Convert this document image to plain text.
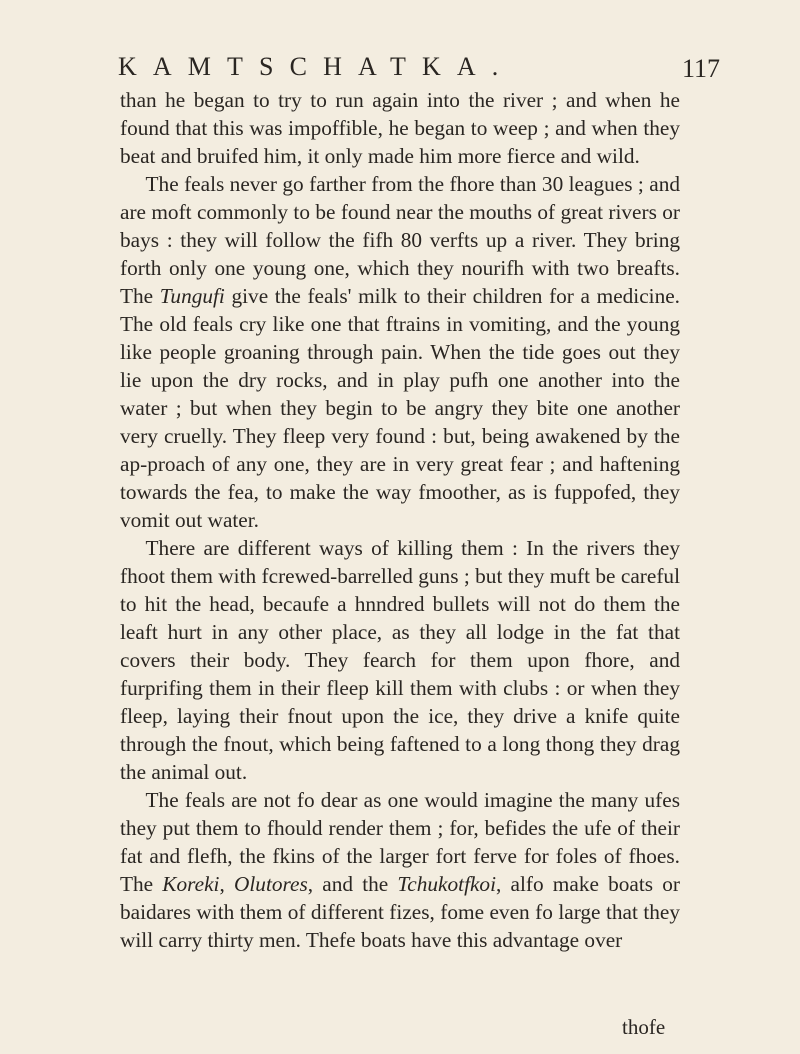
KAMTSCHATKA.	117

than he began to try to run again into the river ; and when he found that this was impoffible, he began to weep ; and when they beat and bruifed him, it only made him more fierce and wild.

The feals never go farther from the fhore than 30 leagues ; and are moft commonly to be found near the mouths of great rivers or bays : they will follow the fifh 80 verfts up a river. They bring forth only one young one, which they nourifh with two breafts. The Tungufi give the feals' milk to their children for a medicine. The old feals cry like one that ftrains in vomiting, and the young like people groaning through pain. When the tide goes out they lie upon the dry rocks, and in play pufh one another into the water ; but when they begin to be angry they bite one another very cruelly. They fleep very found : but, being awakened by the ap-proach of any one, they are in very great fear ; and haftening towards the fea, to make the way fmoother, as is fuppofed, they vomit out water.

There are different ways of killing them : In the rivers they fhoot them with fcrewed-barrelled guns ; but they muft be careful to hit the head, becaufe a hnndred bullets will not do them the leaft hurt in any other place, as they all lodge in the fat that covers their body. They fearch for them upon fhore, and furprifing them in their fleep kill them with clubs : or when they fleep, laying their fnout upon the ice, they drive a knife quite through the fnout, which being faftened to a long thong they drag the animal out.

The feals are not fo dear as one would imagine the many ufes they put them to fhould render them ; for, befides the ufe of their fat and flefh, the fkins of the larger fort ferve for foles of fhoes. The Koreki, Olutores, and the Tchukotfkoi, alfo make boats or baidares with them of different fizes, fome even fo large that they will carry thirty men. Thefe boats have this advantage over

thofe
